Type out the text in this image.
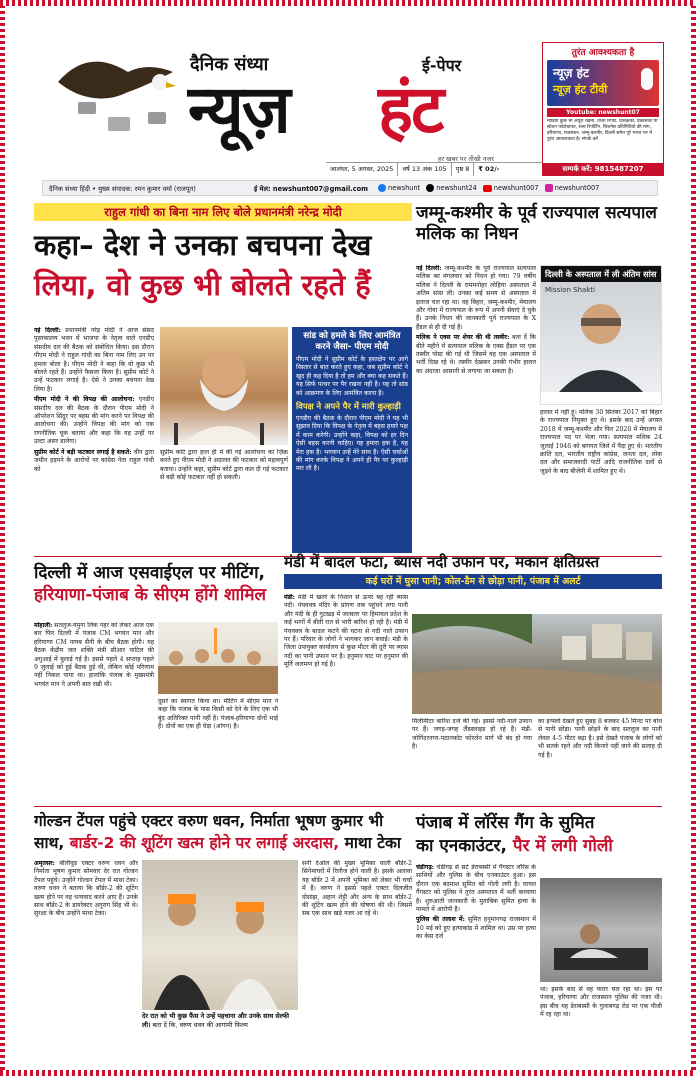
दैनिक संध्या	ई-पेपर
न्यूज़ हंट
हर खबर पर तीखी नजर
जालंधर, 5 अगस्त, 2025	वर्ष 13 अंक 105	पृष्ठ 8	₹ 02/-
तुरंत आवश्यकता है
न्यूज़ हंट
न्यूज़ हंट टीवी
Youtube: newshunt07
मीडिया कुछ भी अधूरा रखना, ताजा रिपोर्ट, प्रशिक्षकों, प्रकाशकों या स्टेशन फोटोग्राफर, सत्य रिपोर्टिंग, बिजनेस प्रतिनिधियों की मांग, हरियाणा, राजस्थान, जम्मू-कश्मीर, दिल्ली समेत पूरे भारत भर में तुरंत आवश्यकता है। संपर्क करें
सम्पर्क करें: 9815487207
दैनिक संध्या हिंदी • मुख्य संपादक: रमन कुमार वर्मा (राजपूत)	ई मेल: newshunt007@gmail.com	newshunt newshunt24	newshunt007 newshunt007
राहुल गांधी का बिना नाम लिए बोले प्रधानमंत्री नरेन्द्र मोदी
कहा– देश ने उनका बचपना देख
लिया, वो कुछ भी बोलते रहते हैं

नई दिल्ली: प्रधानमंत्री नरेंद्र मोदी ने आज संसद पुस्तकालय भवन में भाजपा के नेतृत्व वाले एनडीए संसदीय दल की बैठक को संबोधित किया। इस दौरान पीएम मोदी ने राहुल गांधी का बिना नाम लिए उन पर हमला बोला है। पीएम मोदी ने कहा कि वो कुछ भी बोलते रहते हैं। उन्होंने फैसला किया है। सुप्रीम कोर्ट ने उन्हें फटकार लगाई है। ऐसे ने उनका बचपना देख लिया है।

पीएम मोदी ने की विपक्ष की आलोचना: एनडीए संसदीय दल की बैठक के दौरान पीएम मोदी ने ऑपरेशन सिंदूर पर बहस की मांग करने पर विपक्ष की आलोचना की। उन्होंने विपक्ष की मांग को एक रणनीतिक चूक बताया और कहा कि यह उन्हीं पर उल्टा असर डालेगा।

सुप्रीम कोर्ट ने बड़ी फटकार लगाई है सकते: चीन द्वारा जमीन हड़पने के आरोपों पर कांग्रेस नेता राहुल गांधी को

सुप्रीम कोर्ट द्वारा हाल ही में की गई आलोचना का ज़िक्र करते हुए पीएम मोदी ने अदालत की फटकार को महत्वपूर्ण बताया। उन्होंने कहा, सुप्रीम कोर्ट द्वारा कल दी गई फटकार से बड़ी कोई फटकार नहीं हो सकती।
सांड को हमले के लिए आमंत्रित करने जैसा- पीएम मोदी
पीएम मोदी ने सुप्रीम कोर्ट के हस्तक्षेप पर आगे विस्तार से बात करते हुए कहा, जब सुप्रीम कोर्ट ने खुद ही कह दिया है तो हम और क्या कह सकते हैं। यह सिर्फ पत्थर पर पैर रखना नहीं है। यह तो सांड को आक्रमण के लिए आमंत्रित करना है।
विपक्ष ने अपने पैर में मारी कुल्हाड़ी
एनडीए की बैठक के दौरान पीएम मोदी ने यह भी सुझाव दिया कि विपक्ष के नेतृत्व में बहस हमारे पक्ष में काम करेगी। उन्होंने कहा, विपक्ष को हर दिन ऐसी बहस करनी चाहिए। यह हमारा हक है, यह मेरा हक है। भगवान उन्हें मेरे साथ है। ऐसी चर्चाओं की मांग करके विपक्ष ने अपने ही पैर पर कुल्हाड़ी मार ली है।
जम्मू-कश्मीर के पूर्व राज्यपाल सत्यपाल मलिक का निधन

नई दिल्ली: जम्मू-कश्मीर के पूर्व राज्यपाल सत्यपाल मलिक का मंगलवार को निधन हो गया। 79 वर्षीय मलिक ने दिल्ली के राममनोहर लोहिया अस्पताल में अंतिम सांस ली। उनका कई समय से अस्पताल में इलाज चल रहा था। वह बिहार, जम्मू-कश्मीर, मेघालय और गोवा में राज्यपाल के रूप में अपनी सेवाएं दे चुके हैं। उनके निधन की जानकारी पूर्व राज्यपाल के X हैंडल से ही दी गई है।

मलिक ने एक्स पर शेयर की थी तस्वीर: बता दें कि बीते महीने में सत्यपाल मलिक के एक्स हैंडल पर एक तस्वीर पोस्ट की गई थी जिसमें वह एक अस्पताल में भर्ती दिख रहे थे। तस्वीर देखकर उनकी गंभीर हालत का अंदाजा आसानी से लगाया जा सकता है।

दिल्ली के अस्पताल में ली अंतिम सांस
Mission Shakti
हालत में नहीं हूं। मलिक 30 सितंबर 2017 को बिहार के राज्यपाल नियुक्त हुए थे। इसके बाद उन्हें अगस्त 2018 में जम्मू-कश्मीर और फिर 2020 में मेघालय में राज्यपाल पद पर भेजा गया। सत्यपाल मलिक 24 जुलाई 1946 को बागपत जिले में पैदा हुए थे। भारतीय क्रांति दल, भारतीय राष्ट्रीय कांग्रेस, जनता दल, लोक दल और समाजवादी पार्टी आदि राजनीतिक दलों से जुड़ने के बाद बीजेपी में शामिल हुए थे।
दिल्ली में आज एसवाईएल पर मीटिंग,
हरियाणा-पंजाब के सीएम होंगे शामिल

मोहाली: सतलुज-यमुना लिंक नहर को लेकर आज एक बार फिर दिल्ली में पंजाब CM भगवंत मान और हरियाणा CM नायब सैनी के बीच बैठक होगी। यह बैठक केंद्रीय जल शक्ति मंत्री सीआर पाटिल की अगुआई में बुलाई गई है। इससे पहले 4 सप्ताह पहले 9 जुलाई को हुई बैठक हुई थी, लेकिन कोई परिणाम नहीं निकल पाया था। हालांकि पंजाब के मुख्यमंत्री भगवंत मान ने अपनी बात रखी थी।

दूसरे का स्वागत किया था। मीटिंग में सीएम मान ने कहा कि पंजाब के पास किसी को देने के लिए एक भी बूंद अतिरिक्त पानी नहीं है। पंजाब-हरियाणा दोनों भाई हैं। दोनों का एक ही घेड़ा (आंगन) है।
मंडी में बादल फटा, ब्यास नदी उफान पर, मकान क्षतिग्रस्त
कई घरों में घुसा पानी; कोल-डैम से छोड़ा पानी, पंजाब में अलर्ट

मंडी: मंडी में खतरे के निशान से ऊपर बह रही ब्यास नदी। पंचवक्त्र मंदिर के प्रांगण तक पहुंचने लगा पानी और मंदी के ही गुटखड़ में जलस्तर पर हिमाचल प्रदेश के कई भागों में बीती रात से भारी बारिश हो रही है। मंडी में पंचवक्त्र के बादल फटने की घटना से नदी नाले उफान पर हैं। परिवार के लोगों ने भागकर जान बचाई। मंडी के जिला उपायुक्त कार्यालय से कुछ मीटर की दूरी पर ब्यास नदी का पानी उफान पर है। हनुमान घाट पर हनुमान की मूर्ति जलमग्न हो गई है।

मिलीमीटर बारिश दर्ज की गई। इससे नदी-नाले उफान पर हैं। जगह-जगह लैंडस्लाइड हो रहे हैं। मंडी-जोगिंदरनगर-पठानकोट फोरलेन मार्ग भी बंद हो गया है।
का इन्फ्लो देखते हुए सुबह 8 बजकर 45 मिनट पर बांध से पानी छोड़ा। पानी छोड़ने के बाद सतलुज का पानी लेवल 4-5 मीटर बढ़ा है। इसे देखते पंजाब के लोगों को भी सतर्क रहने और नदी किनारे नहीं जाने की सलाह दी गई है।
गोल्डन टेंपल पहुंचे एक्टर वरुण धवन, निर्माता भूषण कुमार भी
साथ, बार्डर-2 की शूटिंग खत्म होने पर लगाई अरदास, माथा टेका

अमृतसर: बॉलीवुड एक्टर वरुण धवन और निर्माता भूषण कुमार सोमवार देर रात गोल्डन टेंपल पहुंचे। उन्होंने गोल्डन टेंपल में माथा टेका। वरुण धवन ने बताया कि बॉर्डर-2 की शूटिंग खत्म होने पर वह धन्यवाद करने आए हैं। उनके साथ बॉर्डर-2 के डायरेक्टर अनुराग सिंह भी थे। सुरक्षा के बीच उन्होंने माथा टेका।

देर रात को भी कुछ फैंस ने उन्हें पहचाना और उनके साथ सेल्फी ली। बता दें कि, वरुण धवन की आगामी फिल्म
सनी देओल की मुख्य भूमिका वाली बॉर्डर-2 सिनेमाघरों में रिलीज होने वाली है। इसके अलावा यह बॉर्डर 2 में अपनी भूमिका को लेकर भी चर्चा में हैं। वरुण ने इससे पहले एक्टर दिलजीत दोसांझ, अहान शेट्टी और अन्य के साथ बॉर्डर-2 की शूटिंग खत्म होने की घोषणा की थी। जिसमें सब एक साथ खड़े नजर आ रहे थे।
पंजाब में लॉरेंस गैंग के सुमित
का एनकाउंटर, पैर में लगी गोली

चंडीगढ़: चंडीगढ़ से सटे डेराबस्सी में गैंगस्टर लॉरेंस के साथियों और पुलिस के बीच एनकाउंटर हुआ। इस दौरान एक बदमाश सुमित को गोली लगी है। घायल गैंगस्टर को पुलिस ने तुरंत अस्पताल में भर्ती करवाया है। शुरुआती जानकारी के मुताबिक सुमित हत्या के मामले में आरोपी है।

पुलिस की तलाश में: सुमित हनुमानगढ़ राजस्थान में 10 मई को हुए हत्याकांड में शामिल था। उस पर हत्या का केस दर्ज

था। इसके बाद से वह फरार चल रहा था। इस पर पंजाब, हरियाणा और राजस्थान पुलिस की नजर थी। इस बीच यह डेराबस्सी के गुलाबगढ़ रोड पर एक पीजी में रह रहा था।
